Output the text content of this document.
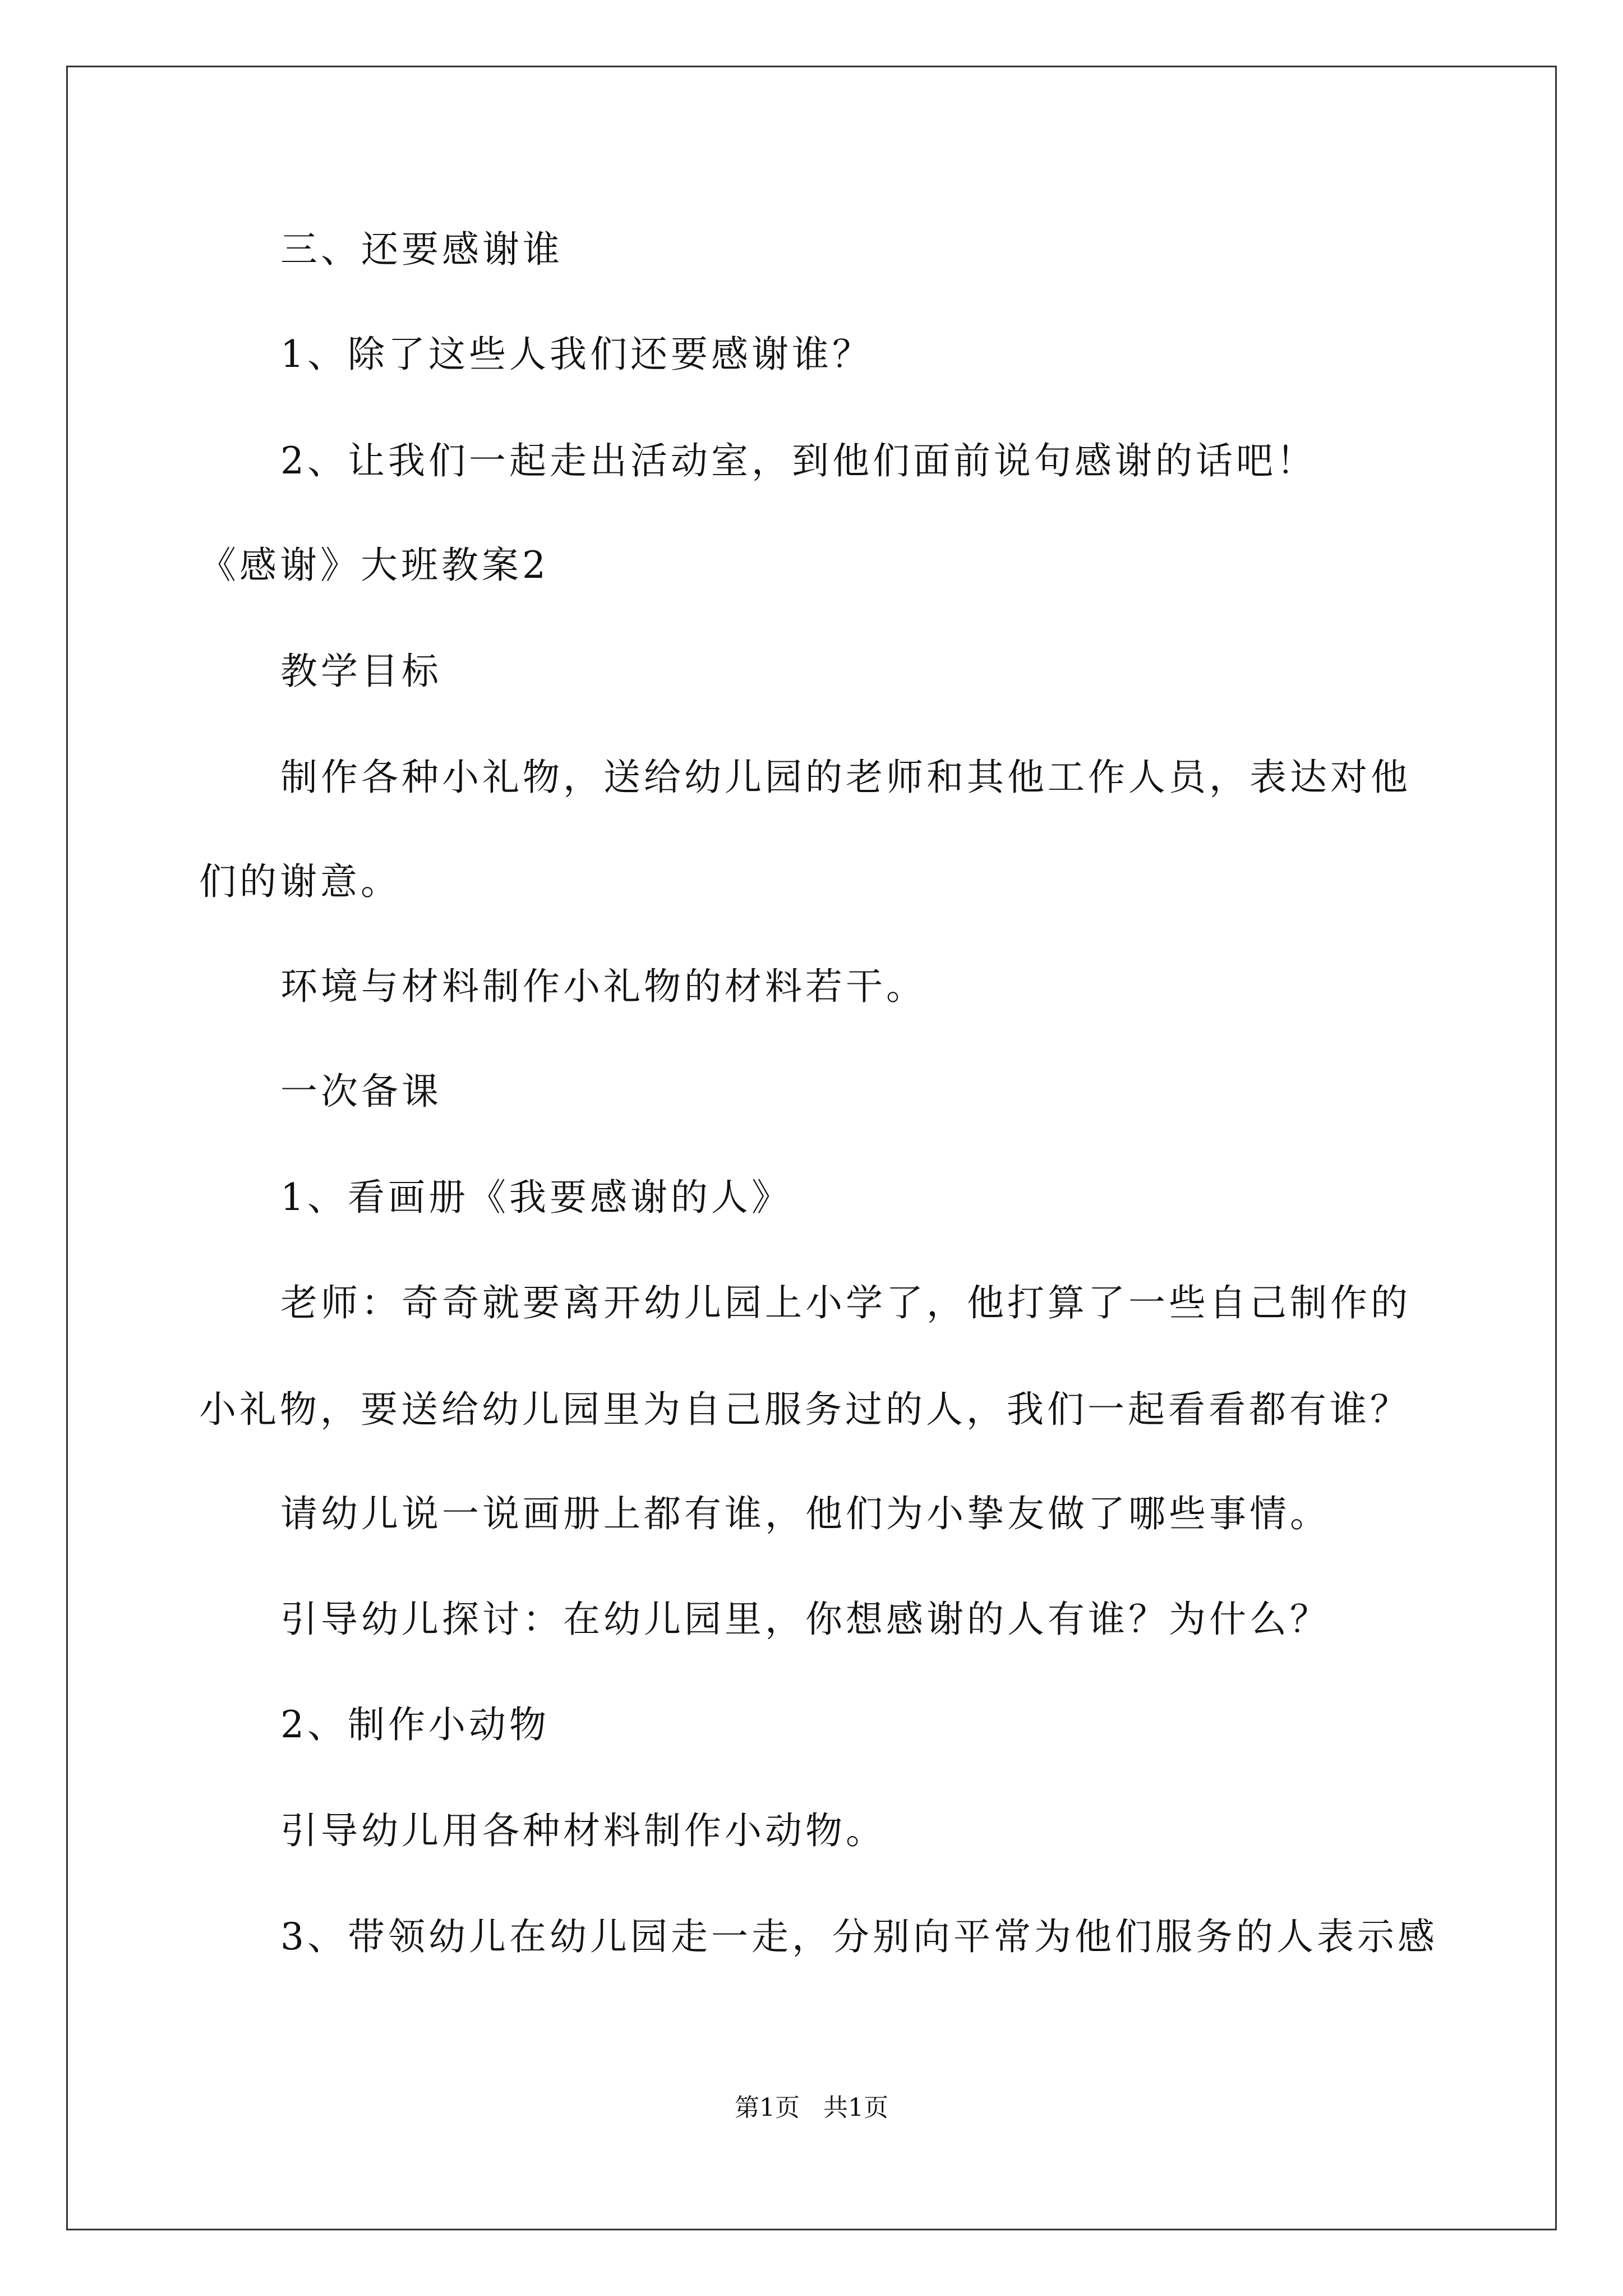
三、还要感谢谁
1、除了这些人我们还要感谢谁？
2、让我们一起走出活动室，到他们面前说句感谢的话吧！
《感谢》大班教案2
教学目标
制作各种小礼物，送给幼儿园的老师和其他工作人员，表达对他
们的谢意。
环境与材料制作小礼物的材料若干。
一次备课
1、看画册《我要感谢的人》
老师：奇奇就要离开幼儿园上小学了，他打算了一些自己制作的
小礼物，要送给幼儿园里为自己服务过的人，我们一起看看都有谁？
请幼儿说一说画册上都有谁，他们为小挚友做了哪些事情。
引导幼儿探讨：在幼儿园里，你想感谢的人有谁？为什么？
2、制作小动物
引导幼儿用各种材料制作小动物。
3、带领幼儿在幼儿园走一走，分别向平常为他们服务的人表示感
第1页   共1页
